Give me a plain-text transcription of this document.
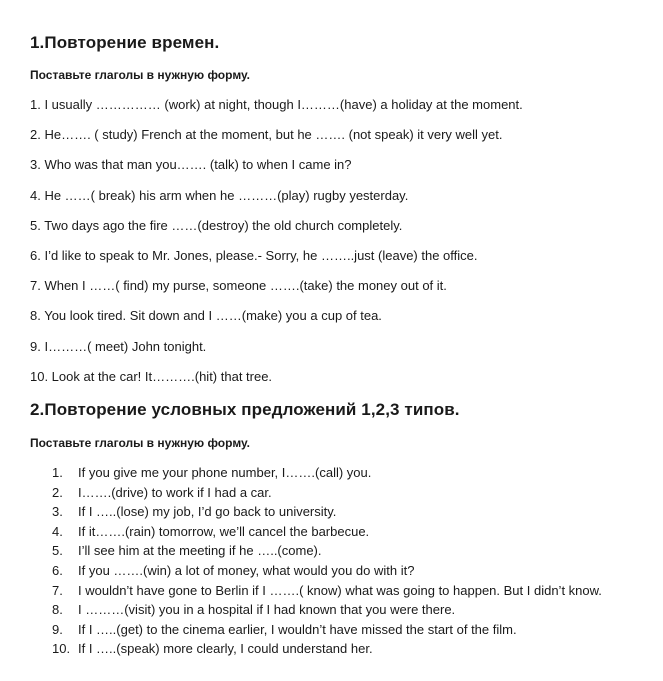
1.Повторение времен.

Поставьте глаголы в нужную форму.

1. I usually …………… (work) at night, though I………(have) a holiday at the moment.
2. He……. ( study) French at the moment, but he ……. (not speak) it very well yet.
3. Who was that man you……. (talk) to when I came in?
4. He ……( break) his arm when he ………(play) rugby yesterday.
5. Two days ago the fire ……(destroy) the old church completely.
6. I’d like to speak to Mr. Jones, please.- Sorry, he ……..just (leave) the office.
7. When I ……( find) my purse, someone …….(take) the money out of it.
8. You look tired. Sit down and I ……(make) you a cup of tea.
9. I………( meet) John tonight.
10. Look at the car! It……….(hit) that tree.
2.Повторение условных предложений 1,2,3 типов.

Поставьте глаголы в нужную форму.

1. If you give me your phone number, I…….(call) you.
2. I…….(drive) to work if I had a car.
3. If I …..(lose) my job, I’d go back to university.
4. If it…….(rain) tomorrow, we’ll cancel the barbecue.
5. I’ll see him at the meeting if he …..(come).
6. If you …….(win) a lot of money, what would you do with it?
7. I wouldn’t have gone to Berlin if I …….( know) what was going to happen. But I didn’t know.
8. I ………(visit) you in a hospital if I had known that you were there.
9. If I …..(get) to the cinema earlier, I wouldn’t have missed the start of the film.
10. If I …..(speak) more clearly, I could understand her.
